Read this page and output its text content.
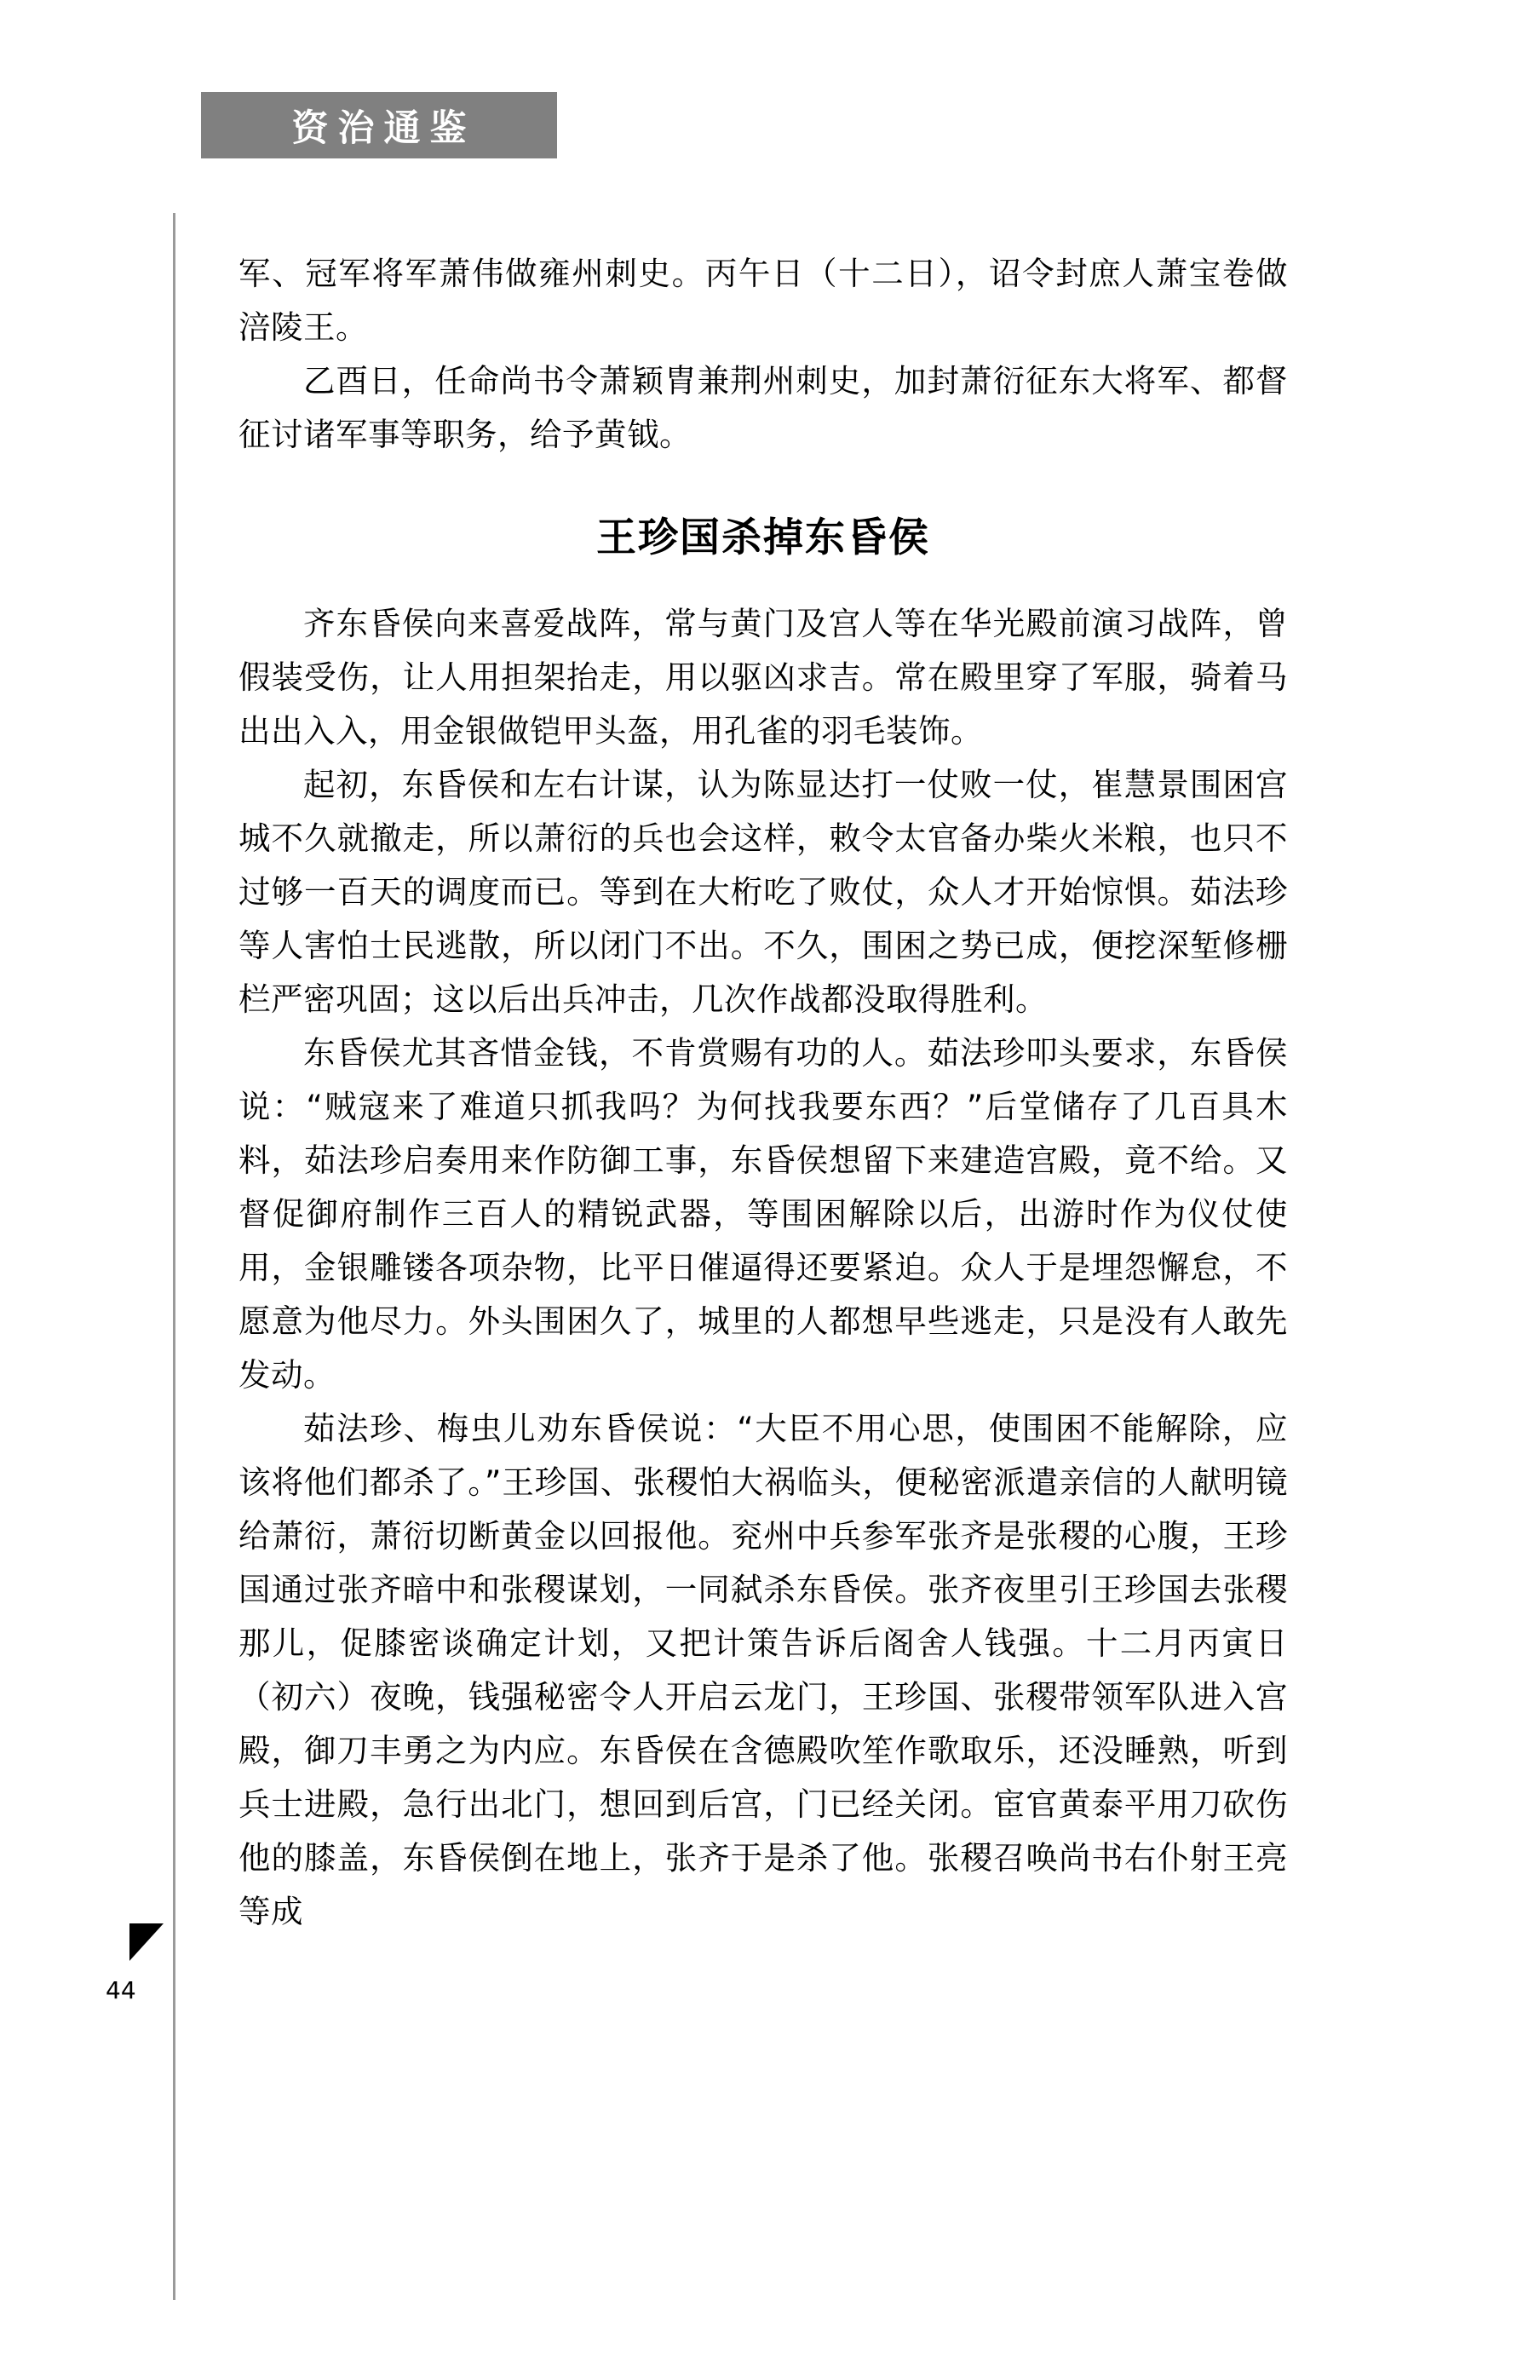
资治通鉴
44

军、冠军将军萧伟做雍州刺史。丙午日（十二日），诏令封庶人萧宝卷做涪陵王。

乙酉日，任命尚书令萧颖胄兼荆州刺史，加封萧衍征东大将军、都督征讨诸军事等职务，给予黄钺。

王珍国杀掉东昏侯

齐东昏侯向来喜爱战阵，常与黄门及宫人等在华光殿前演习战阵，曾假装受伤，让人用担架抬走，用以驱凶求吉。常在殿里穿了军服，骑着马出出入入，用金银做铠甲头盔，用孔雀的羽毛装饰。

起初，东昏侯和左右计谋，认为陈显达打一仗败一仗，崔慧景围困宫城不久就撤走，所以萧衍的兵也会这样，敕令太官备办柴火米粮，也只不过够一百天的调度而已。等到在大桁吃了败仗，众人才开始惊惧。茹法珍等人害怕士民逃散，所以闭门不出。不久，围困之势已成，便挖深堑修栅栏严密巩固；这以后出兵冲击，几次作战都没取得胜利。

东昏侯尤其吝惜金钱，不肯赏赐有功的人。茹法珍叩头要求，东昏侯说：“贼寇来了难道只抓我吗？为何找我要东西？”后堂储存了几百具木料，茹法珍启奏用来作防御工事，东昏侯想留下来建造宫殿，竟不给。又督促御府制作三百人的精锐武器，等围困解除以后，出游时作为仪仗使用，金银雕镂各项杂物，比平日催逼得还要紧迫。众人于是埋怨懈怠，不愿意为他尽力。外头围困久了，城里的人都想早些逃走，只是没有人敢先发动。

茹法珍、梅虫儿劝东昏侯说：“大臣不用心思，使围困不能解除，应该将他们都杀了。”王珍国、张稷怕大祸临头，便秘密派遣亲信的人献明镜给萧衍，萧衍切断黄金以回报他。兖州中兵参军张齐是张稷的心腹，王珍国通过张齐暗中和张稷谋划，一同弑杀东昏侯。张齐夜里引王珍国去张稷那儿，促膝密谈确定计划，又把计策告诉后阁舍人钱强。十二月丙寅日（初六）夜晚，钱强秘密令人开启云龙门，王珍国、张稷带领军队进入宫殿，御刀丰勇之为内应。东昏侯在含德殿吹笙作歌取乐，还没睡熟，听到兵士进殿，急行出北门，想回到后宫，门已经关闭。宦官黄泰平用刀砍伤他的膝盖，东昏侯倒在地上，张齐于是杀了他。张稷召唤尚书右仆射王亮等成
